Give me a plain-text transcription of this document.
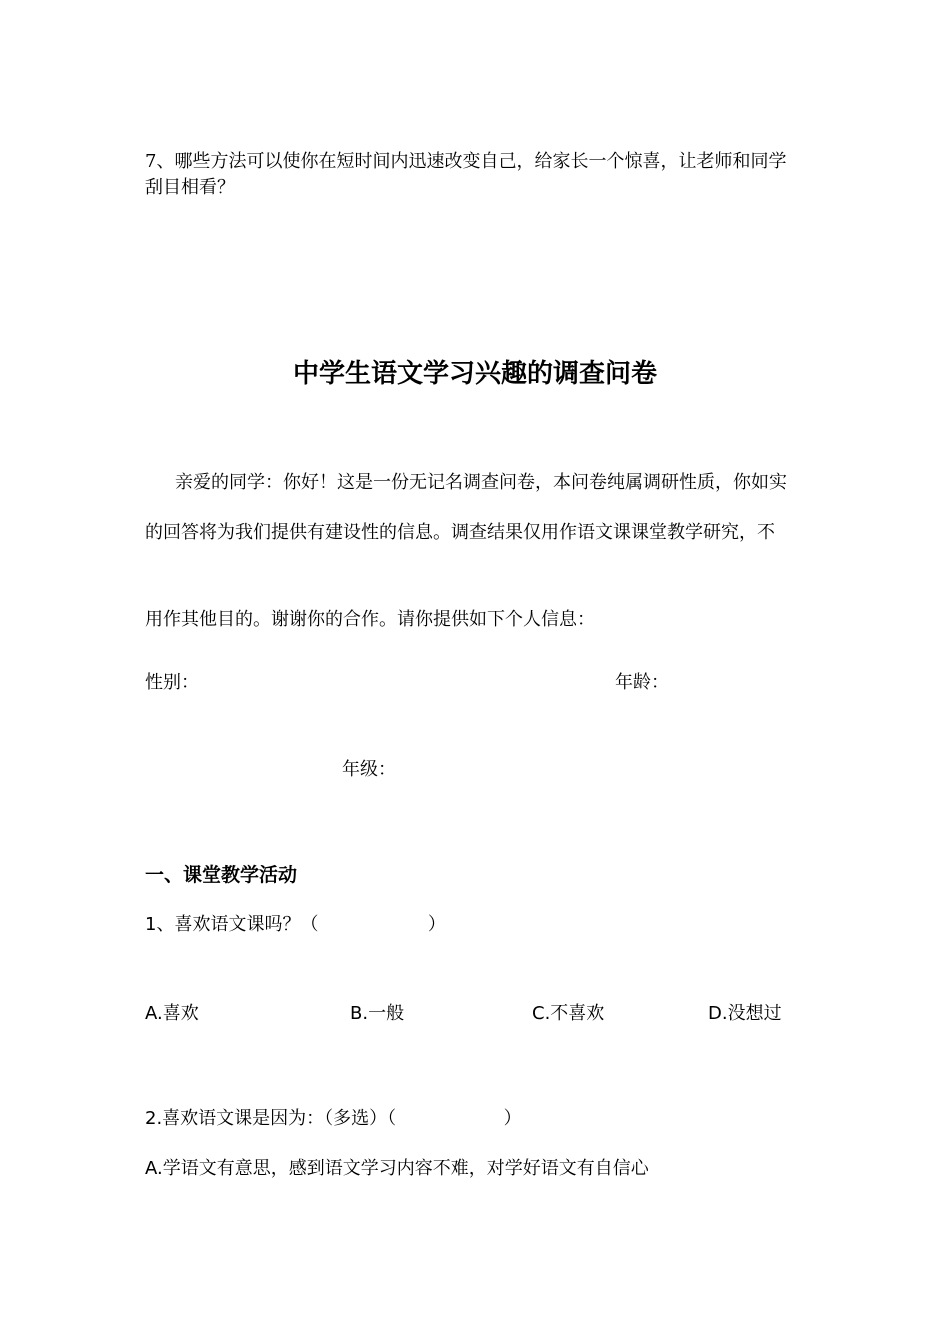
7、哪些方法可以使你在短时间内迅速改变自己，给家长一个惊喜，让老师和同学
刮目相看？
中学生语文学习兴趣的调查问卷
亲爱的同学：你好！这是一份无记名调查问卷，本问卷纯属调研性质，你如实
的回答将为我们提供有建设性的信息。调查结果仅用作语文课课堂教学研究，不
用作其他目的。谢谢你的合作。请你提供如下个人信息：
性别：	年龄：
年级：
一、课堂教学活动
1、喜欢语文课吗？（	）
A.喜欢	B.一般	C.不喜欢	D.没想过
2.喜欢语文课是因为：（多选）（	）
A.学语文有意思，感到语文学习内容不难，对学好语文有自信心
